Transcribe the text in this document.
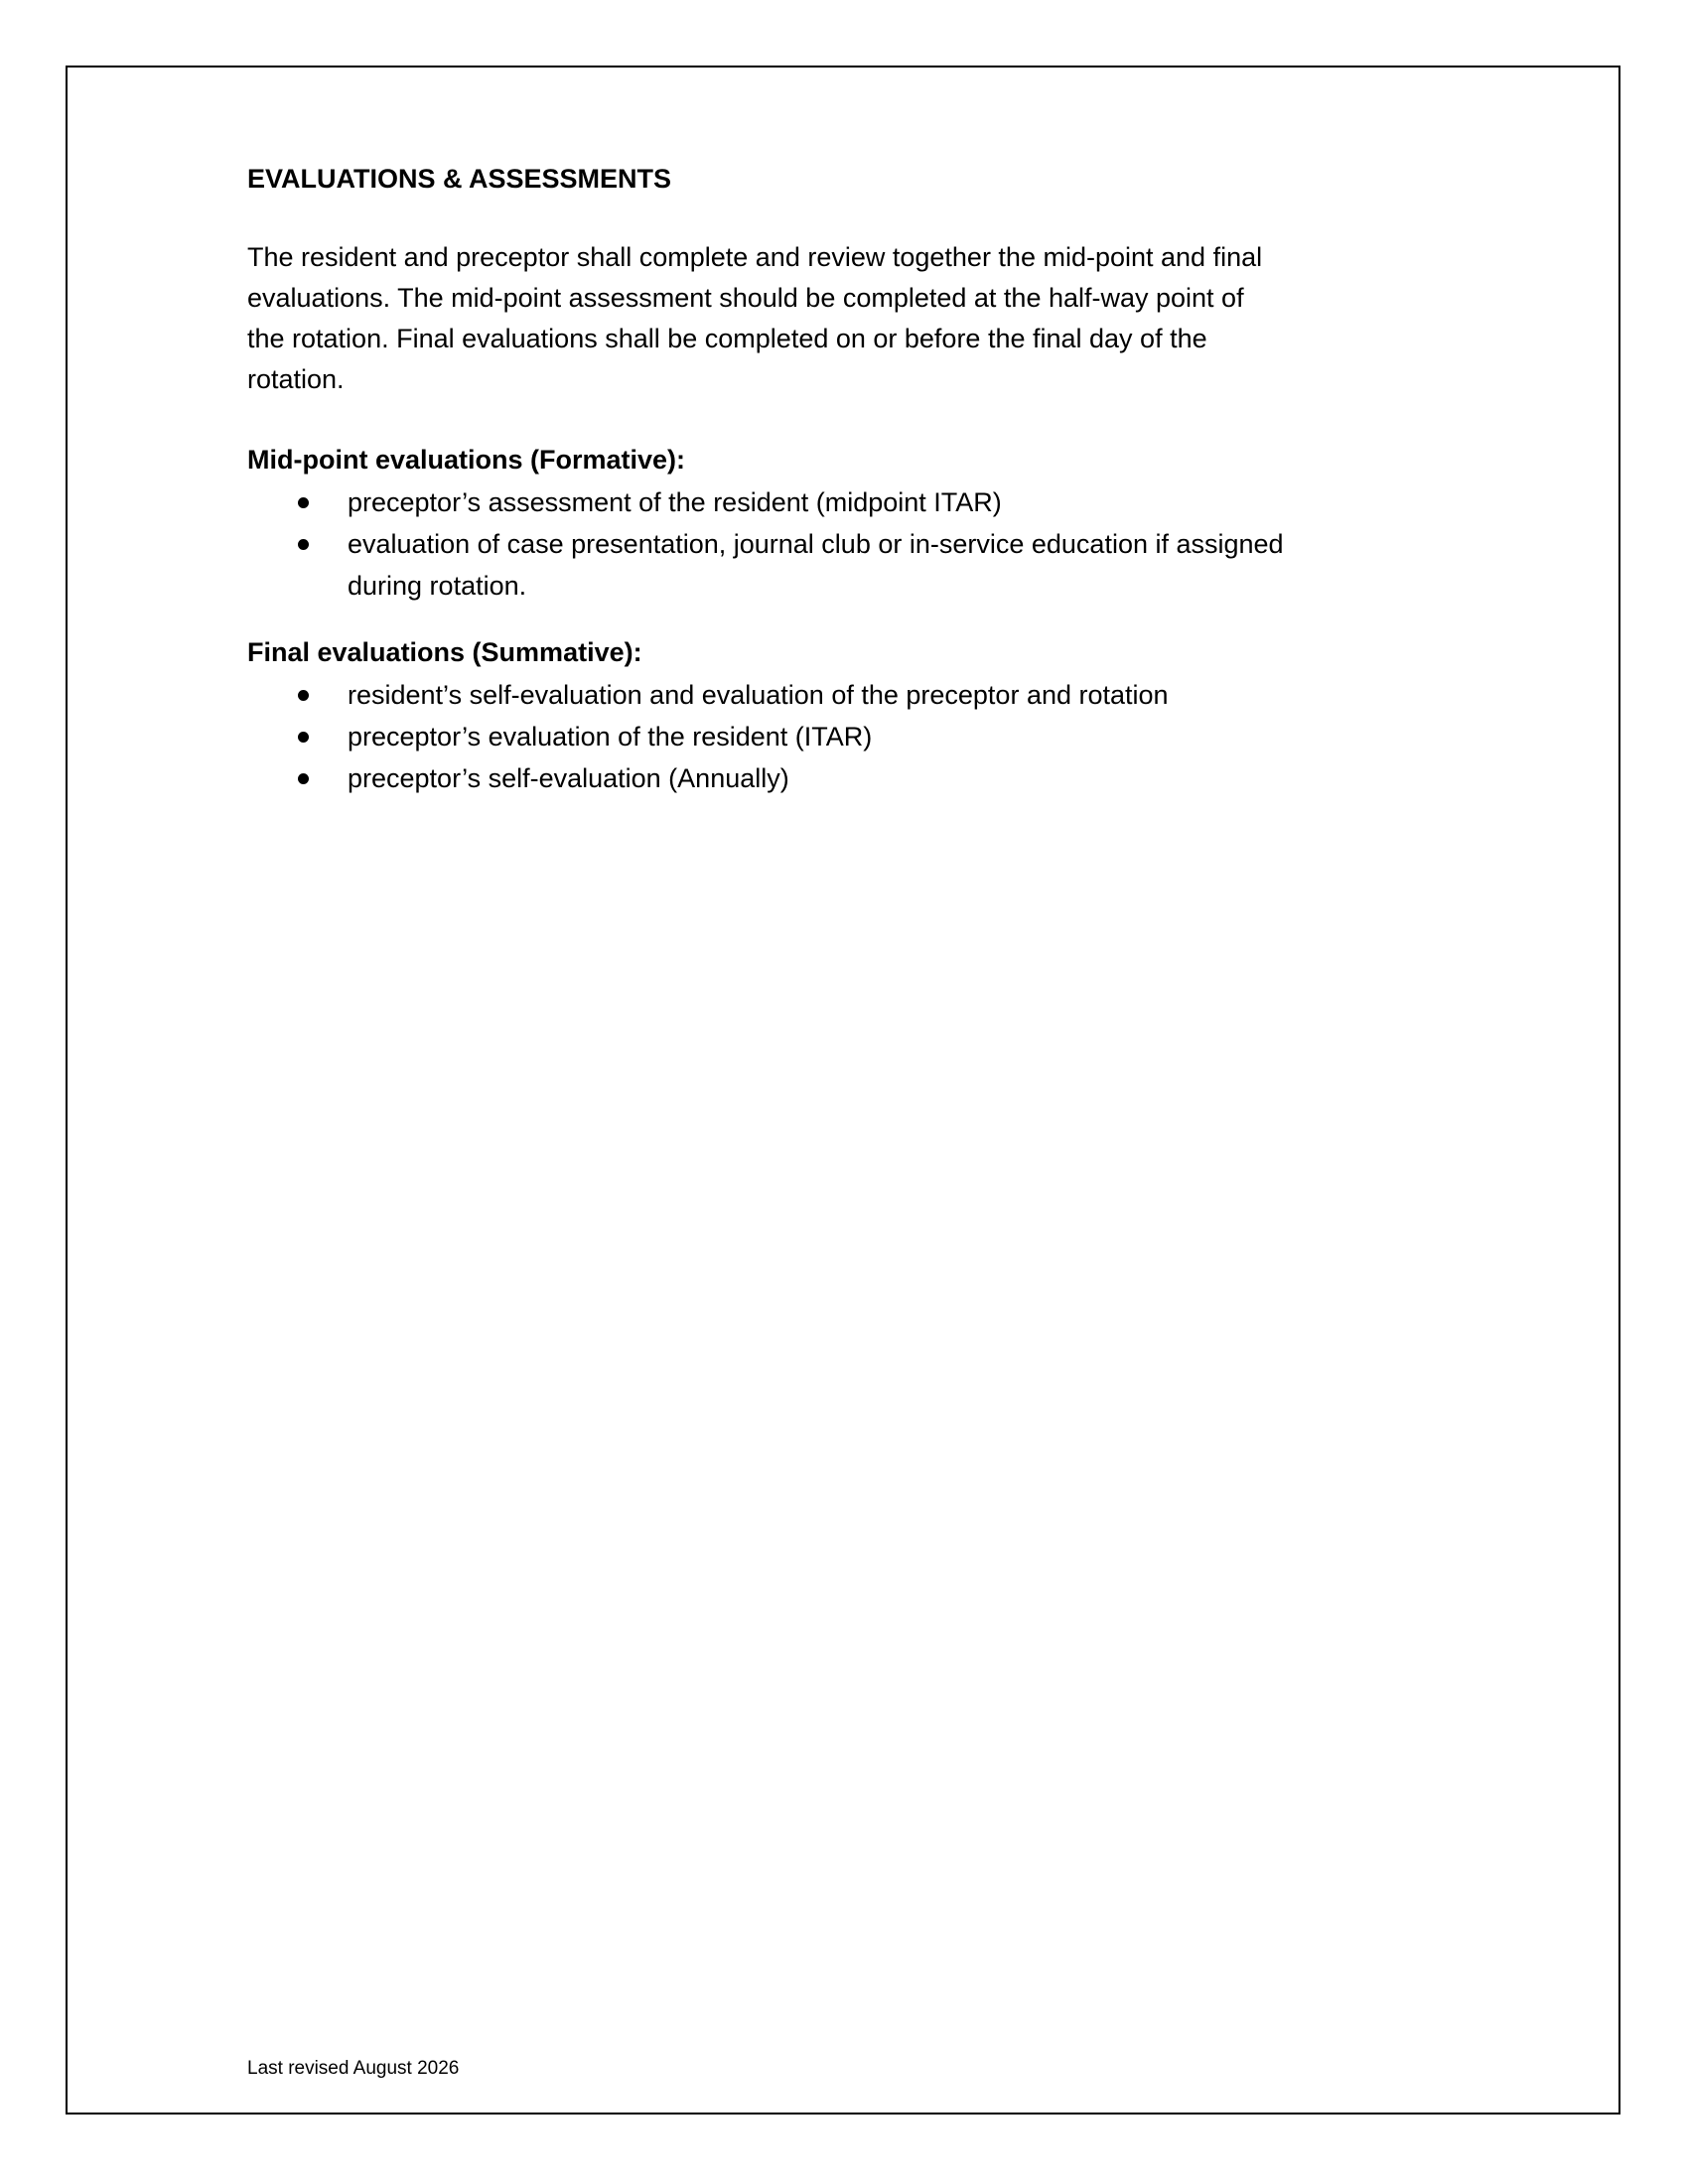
EVALUATIONS & ASSESSMENTS

The resident and preceptor shall complete and review together the mid-point and final
evaluations. The mid-point assessment should be completed at the half-way point of
the rotation. Final evaluations shall be completed on or before the final day of the
rotation.

Mid-point evaluations (Formative):

preceptor’s assessment of the resident (midpoint ITAR)
evaluation of case presentation, journal club or in-service education if assigned
during rotation.

Final evaluations (Summative):

resident’s self-evaluation and evaluation of the preceptor and rotation
preceptor’s evaluation of the resident (ITAR)
preceptor’s self-evaluation (Annually)
Last revised August 2026
